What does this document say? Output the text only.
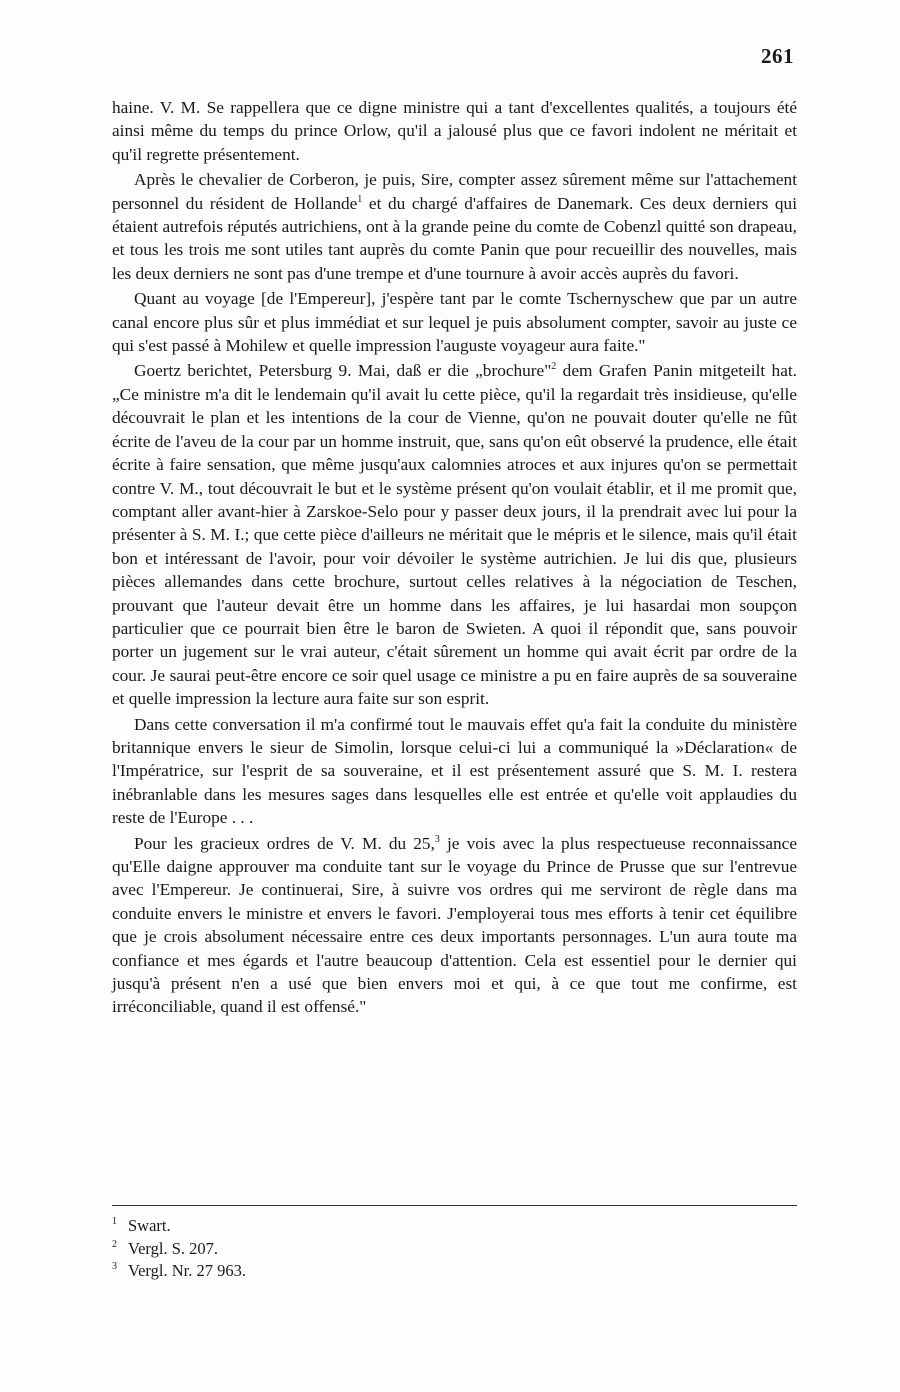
261

haine. V. M. Se rappellera que ce digne ministre qui a tant d'excellentes qualités, a toujours été ainsi même du temps du prince Orlow, qu'il a jalousé plus que ce favori indolent ne méritait et qu'il regrette présentement.

Après le chevalier de Corberon, je puis, Sire, compter assez sûrement même sur l'attachement personnel du résident de Hollande$^1$ et du chargé d'affaires de Danemark. Ces deux derniers qui étaient autrefois réputés autrichiens, ont à la grande peine du comte de Cobenzl quitté son drapeau, et tous les trois me sont utiles tant auprès du comte Panin que pour recueillir des nouvelles, mais les deux derniers ne sont pas d'une trempe et d'une tournure à avoir accès auprès du favori.

Quant au voyage [de l'Empereur], j'espère tant par le comte Tschernyschew que par un autre canal encore plus sûr et plus immédiat et sur lequel je puis absolument compter, savoir au juste ce qui s'est passé à Mohilew et quelle impression l'auguste voyageur aura faite."

Goertz berichtet, Petersburg 9. Mai, daß er die „brochure"$^2$ dem Grafen Panin mitgeteilt hat. „Ce ministre m'a dit le lendemain qu'il avait lu cette pièce, qu'il la regardait très insidieuse, qu'elle découvrait le plan et les intentions de la cour de Vienne, qu'on ne pouvait douter qu'elle ne fût écrite de l'aveu de la cour par un homme instruit, que, sans qu'on eût observé la prudence, elle était écrite à faire sensation, que même jusqu'aux calomnies atroces et aux injures qu'on se permettait contre V. M., tout découvrait le but et le système présent qu'on voulait établir, et il me promit que, comptant aller avant-hier à Zarskoe-Selo pour y passer deux jours, il la prendrait avec lui pour la présenter à S. M. I.; que cette pièce d'ailleurs ne méritait que le mépris et le silence, mais qu'il était bon et intéressant de l'avoir, pour voir dévoiler le système autrichien. Je lui dis que, plusieurs pièces allemandes dans cette brochure, surtout celles relatives à la négociation de Teschen, prouvant que l'auteur devait être un homme dans les affaires, je lui hasardai mon soupçon particulier que ce pourrait bien être le baron de Swieten. A quoi il répondit que, sans pouvoir porter un jugement sur le vrai auteur, c'était sûrement un homme qui avait écrit par ordre de la cour. Je saurai peut-être encore ce soir quel usage ce ministre a pu en faire auprès de sa souveraine et quelle impression la lecture aura faite sur son esprit.

Dans cette conversation il m'a confirmé tout le mauvais effet qu'a fait la conduite du ministère britannique envers le sieur de Simolin, lorsque celui-ci lui a communiqué la »Déclaration« de l'Impératrice, sur l'esprit de sa souveraine, et il est présentement assuré que S. M. I. restera inébranlable dans les mesures sages dans lesquelles elle est entrée et qu'elle voit applaudies du reste de l'Europe . . .

Pour les gracieux ordres de V. M. du 25,$^3$ je vois avec la plus respectueuse reconnaissance qu'Elle daigne approuver ma conduite tant sur le voyage du Prince de Prusse que sur l'entrevue avec l'Empereur. Je continuerai, Sire, à suivre vos ordres qui me serviront de règle dans ma conduite envers le ministre et envers le favori. J'employerai tous mes efforts à tenir cet équilibre que je crois absolument nécessaire entre ces deux importants personnages. L'un aura toute ma confiance et mes égards et l'autre beaucoup d'attention. Cela est essentiel pour le dernier qui jusqu'à présent n'en a usé que bien envers moi et qui, à ce que tout me confirme, est irréconciliable, quand il est offensé."

1 Swart.

2 Vergl. S. 207.

3 Vergl. Nr. 27 963.
